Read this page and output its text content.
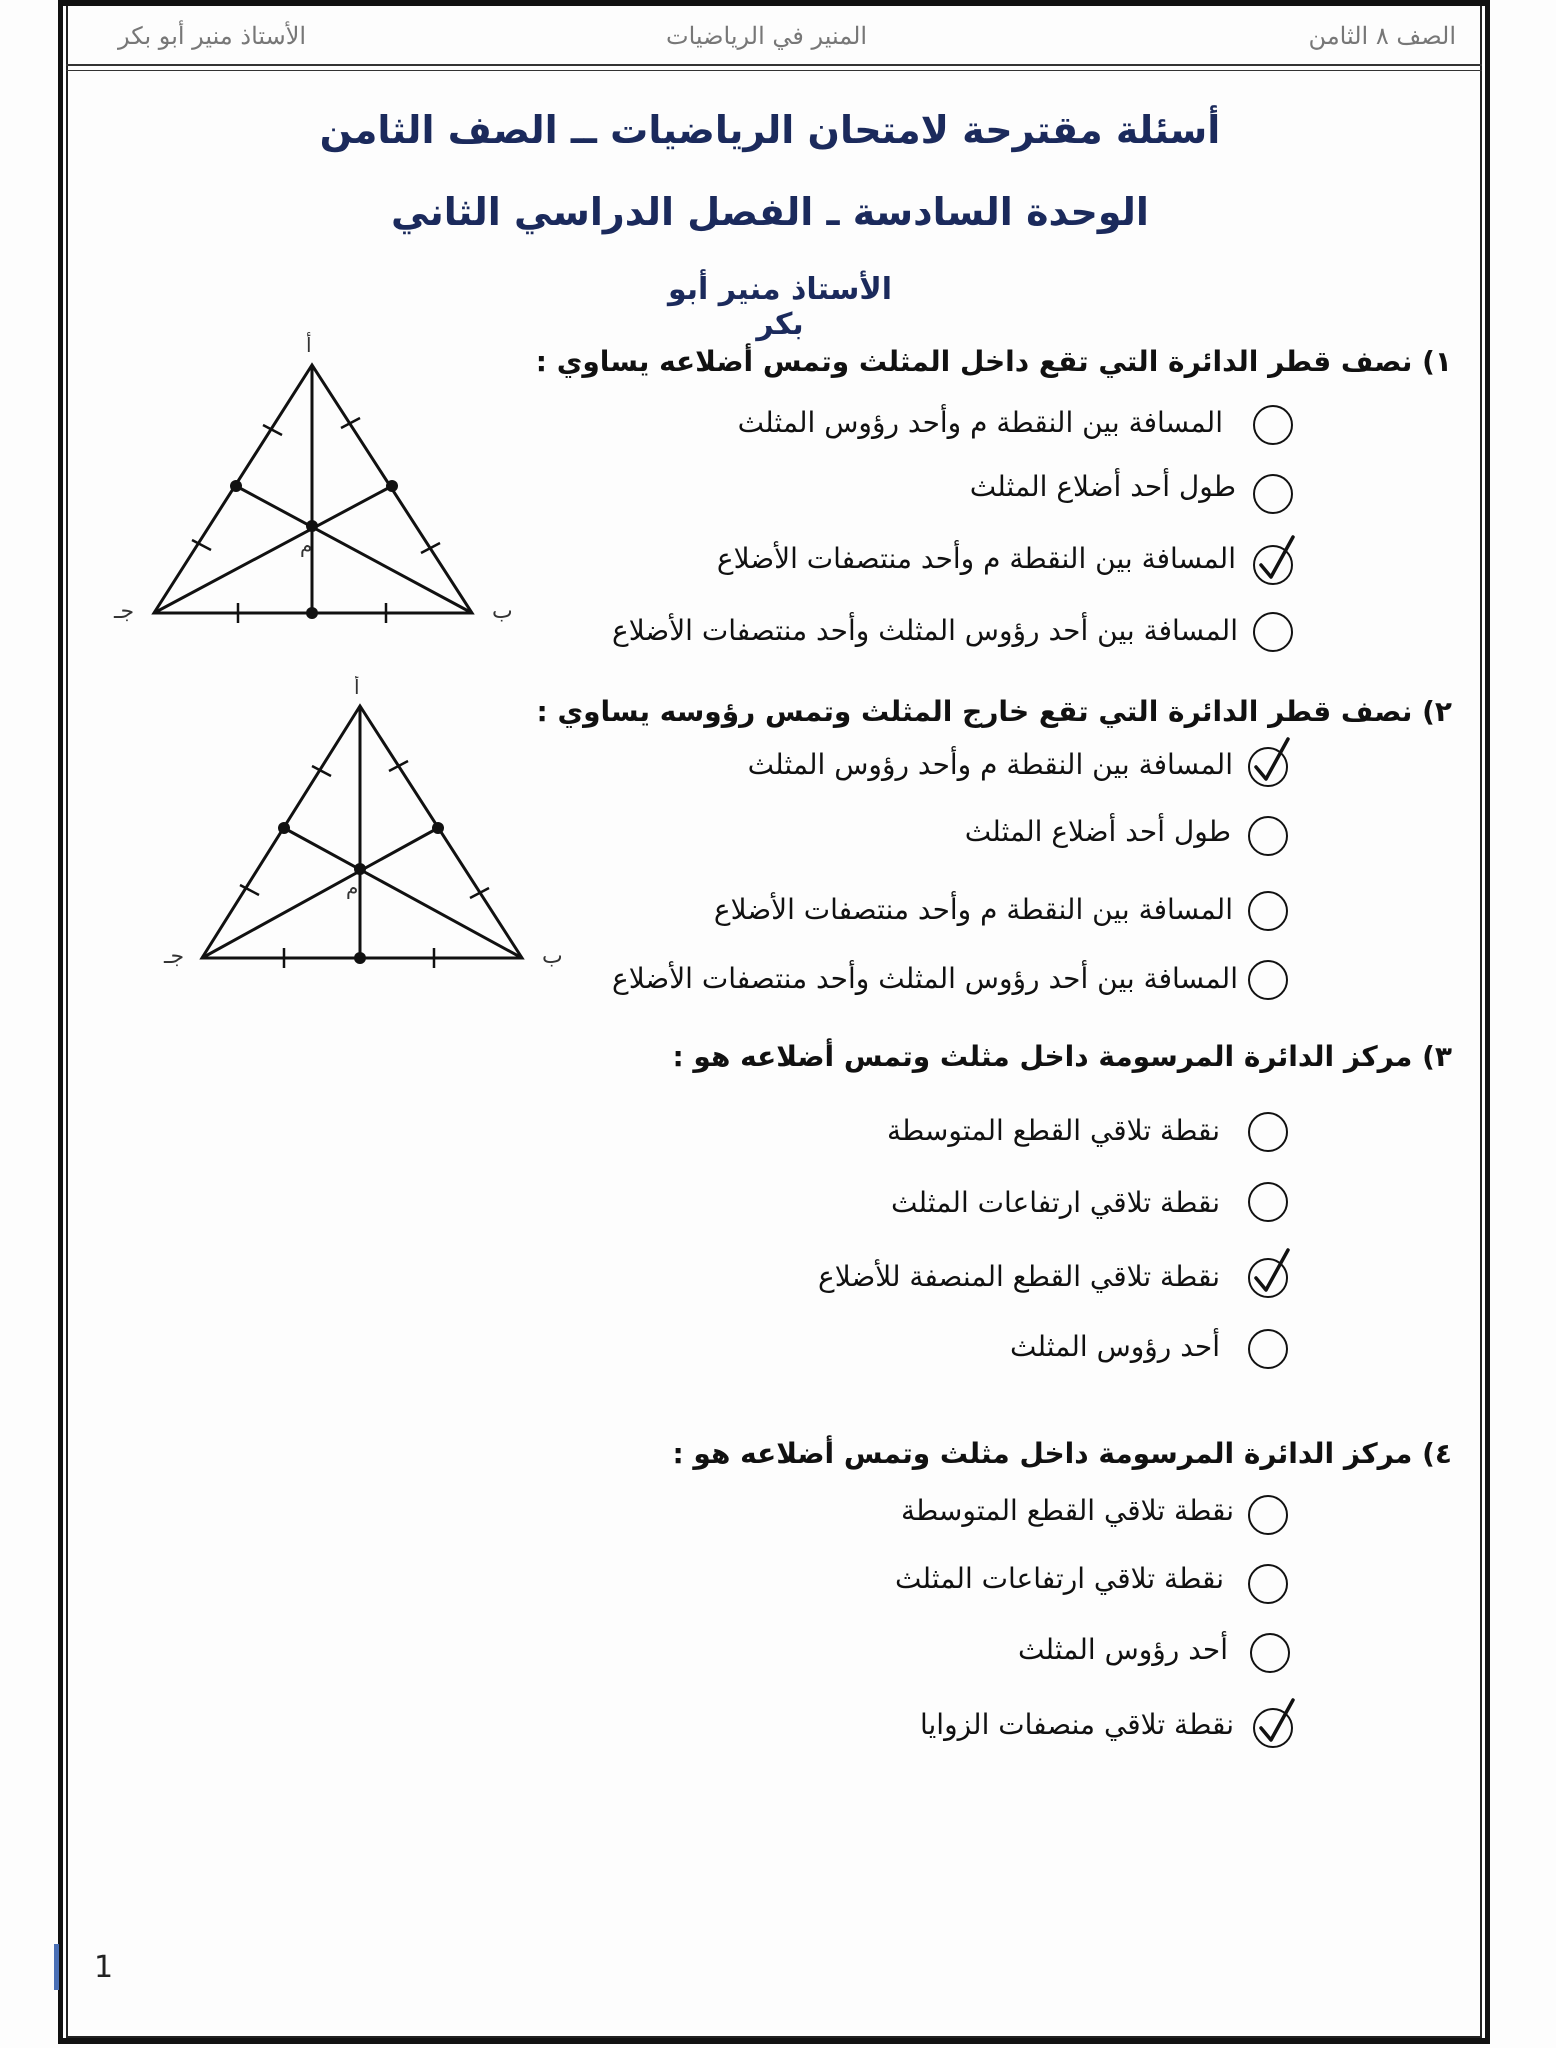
الصف ٨ الثامن
المنير في الرياضيات
الأستاذ منير أبو بكر
أسئلة مقترحة لامتحان الرياضيات ــ الصف الثامن
الوحدة السادسة ـ الفصل الدراسي الثاني
الأستاذ منير أبو بكر
١) نصف قطر الدائرة التي تقع داخل المثلث وتمس أضلاعه يساوي :
المسافة بين النقطة م وأحد رؤوس المثلث
طول أحد أضلاع المثلث
المسافة بين النقطة م وأحد منتصفات الأضلاع
المسافة بين أحد رؤوس المثلث وأحد منتصفات الأضلاع
٢) نصف قطر الدائرة التي تقع خارج المثلث وتمس رؤوسه يساوي :
المسافة بين النقطة م وأحد رؤوس المثلث
طول أحد أضلاع المثلث
المسافة بين النقطة م وأحد منتصفات الأضلاع
المسافة بين أحد رؤوس المثلث وأحد منتصفات الأضلاع
٣) مركز الدائرة المرسومة داخل مثلث وتمس أضلاعه هو :
نقطة تلاقي القطع المتوسطة
نقطة تلاقي ارتفاعات المثلث
نقطة تلاقي القطع المنصفة للأضلاع
أحد رؤوس المثلث
٤) مركز الدائرة المرسومة داخل مثلث وتمس أضلاعه هو :
نقطة تلاقي القطع المتوسطة
نقطة تلاقي ارتفاعات المثلث
أحد رؤوس المثلث
نقطة تلاقي منصفات الزوايا
أ
ب
جـ
م
أ
ب
جـ
م
1
